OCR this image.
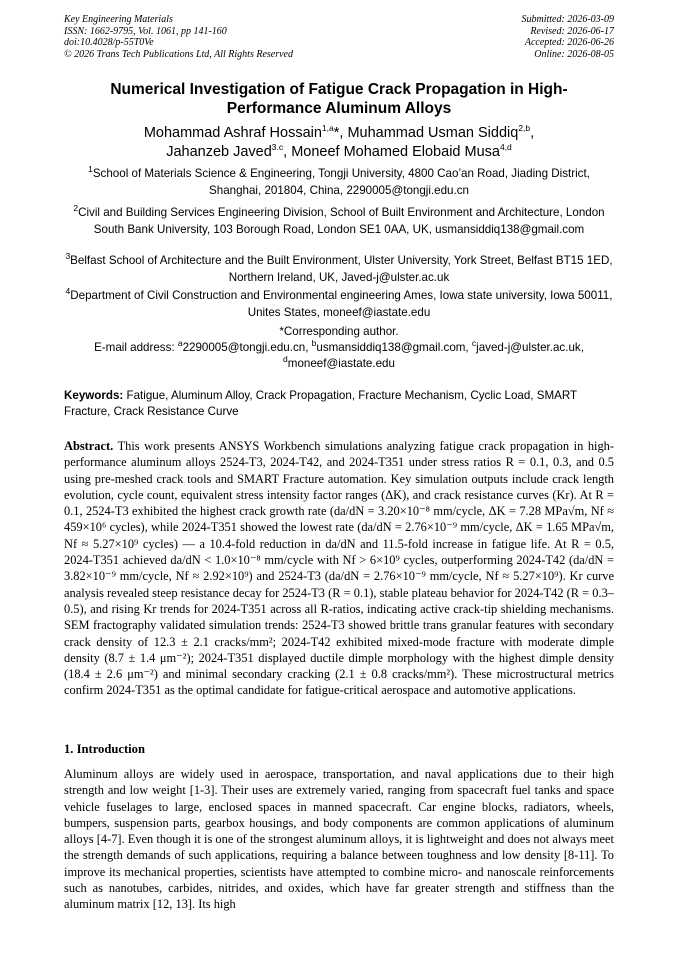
Key Engineering Materials
ISSN: 1662-9795, Vol. 1061, pp 141-160
doi:10.4028/p-55T0Ve
© 2026 Trans Tech Publications Ltd, All Rights Reserved
Submitted: 2026-03-09
Revised: 2026-06-17
Accepted: 2026-06-26
Online: 2026-08-05
Numerical Investigation of Fatigue Crack Propagation in High-Performance Aluminum Alloys
Mohammad Ashraf Hossain$^{1,a}$*, Muhammad Usman Siddiq$^{2,b}$,
Jahanzeb Javed$^{3.c}$, Moneef Mohamed Elobaid Musa$^{4,d}$
$^1$School of Materials Science & Engineering, Tongji University, 4800 Cao’an Road, Jiading District, Shanghai, 201804, China, 2290005@tongji.edu.cn
$^2$Civil and Building Services Engineering Division, School of Built Environment and Architecture, London South Bank University, 103 Borough Road, London SE1 0AA, UK, usmansiddiq138@gmail.com
$^3$Belfast School of Architecture and the Built Environment, Ulster University, York Street, Belfast BT15 1ED, Northern Ireland, UK, Javed-j@ulster.ac.uk
$^4$Department of Civil Construction and Environmental engineering Ames, Iowa state university, Iowa 50011, Unites States, moneef@iastate.edu
*Corresponding author.
E-mail address: $^a$2290005@tongji.edu.cn, $^b$usmansiddiq138@gmail.com, $^c$javed-j@ulster.ac.uk,
$^d$moneef@iastate.edu
Keywords: Fatigue, Aluminum Alloy, Crack Propagation, Fracture Mechanism, Cyclic Load, SMART Fracture, Crack Resistance Curve
Abstract. This work presents ANSYS Workbench simulations analyzing fatigue crack propagation in high-performance aluminum alloys 2524-T3, 2024-T42, and 2024-T351 under stress ratios R = 0.1, 0.3, and 0.5 using pre-meshed crack tools and SMART Fracture automation. Key simulation outputs include crack length evolution, cycle count, equivalent stress intensity factor ranges (ΔK), and crack resistance curves (Kr). At R = 0.1, 2524-T3 exhibited the highest crack growth rate (da/dN = 3.20×10⁻⁸ mm/cycle, ΔK = 7.28 MPa√m, Nf ≈ 459×10⁶ cycles), while 2024-T351 showed the lowest rate (da/dN = 2.76×10⁻⁹ mm/cycle, ΔK = 1.65 MPa√m, Nf ≈ 5.27×10⁹ cycles) — a 10.4-fold reduction in da/dN and 11.5-fold increase in fatigue life. At R = 0.5, 2024-T351 achieved da/dN < 1.0×10⁻⁸ mm/cycle with Nf > 6×10⁹ cycles, outperforming 2024-T42 (da/dN = 3.82×10⁻⁹ mm/cycle, Nf ≈ 2.92×10⁹) and 2524-T3 (da/dN = 2.76×10⁻⁹ mm/cycle, Nf ≈ 5.27×10⁹). Kr curve analysis revealed steep resistance decay for 2524-T3 (R = 0.1), stable plateau behavior for 2024-T42 (R = 0.3–0.5), and rising Kr trends for 2024-T351 across all R-ratios, indicating active crack-tip shielding mechanisms. SEM fractography validated simulation trends: 2524-T3 showed brittle trans granular features with secondary crack density of 12.3 ± 2.1 cracks/mm²; 2024-T42 exhibited mixed-mode fracture with moderate dimple density (8.7 ± 1.4 μm⁻²); 2024-T351 displayed ductile dimple morphology with the highest dimple density (18.4 ± 2.6 μm⁻²) and minimal secondary cracking (2.1 ± 0.8 cracks/mm²). These microstructural metrics confirm 2024-T351 as the optimal candidate for fatigue-critical aerospace and automotive applications.
1. Introduction
Aluminum alloys are widely used in aerospace, transportation, and naval applications due to their high strength and low weight [1-3]. Their uses are extremely varied, ranging from spacecraft fuel tanks and space vehicle fuselages to large, enclosed spaces in manned spacecraft. Car engine blocks, radiators, wheels, bumpers, suspension parts, gearbox housings, and body components are common applications of aluminum alloys [4-7]. Even though it is one of the strongest aluminum alloys, it is lightweight and does not always meet the strength demands of such applications, requiring a balance between toughness and low density [8-11]. To improve its mechanical properties, scientists have attempted to combine micro- and nanoscale reinforcements such as nanotubes, carbides, nitrides, and oxides, which have far greater strength and stiffness than the aluminum matrix [12, 13]. Its high
